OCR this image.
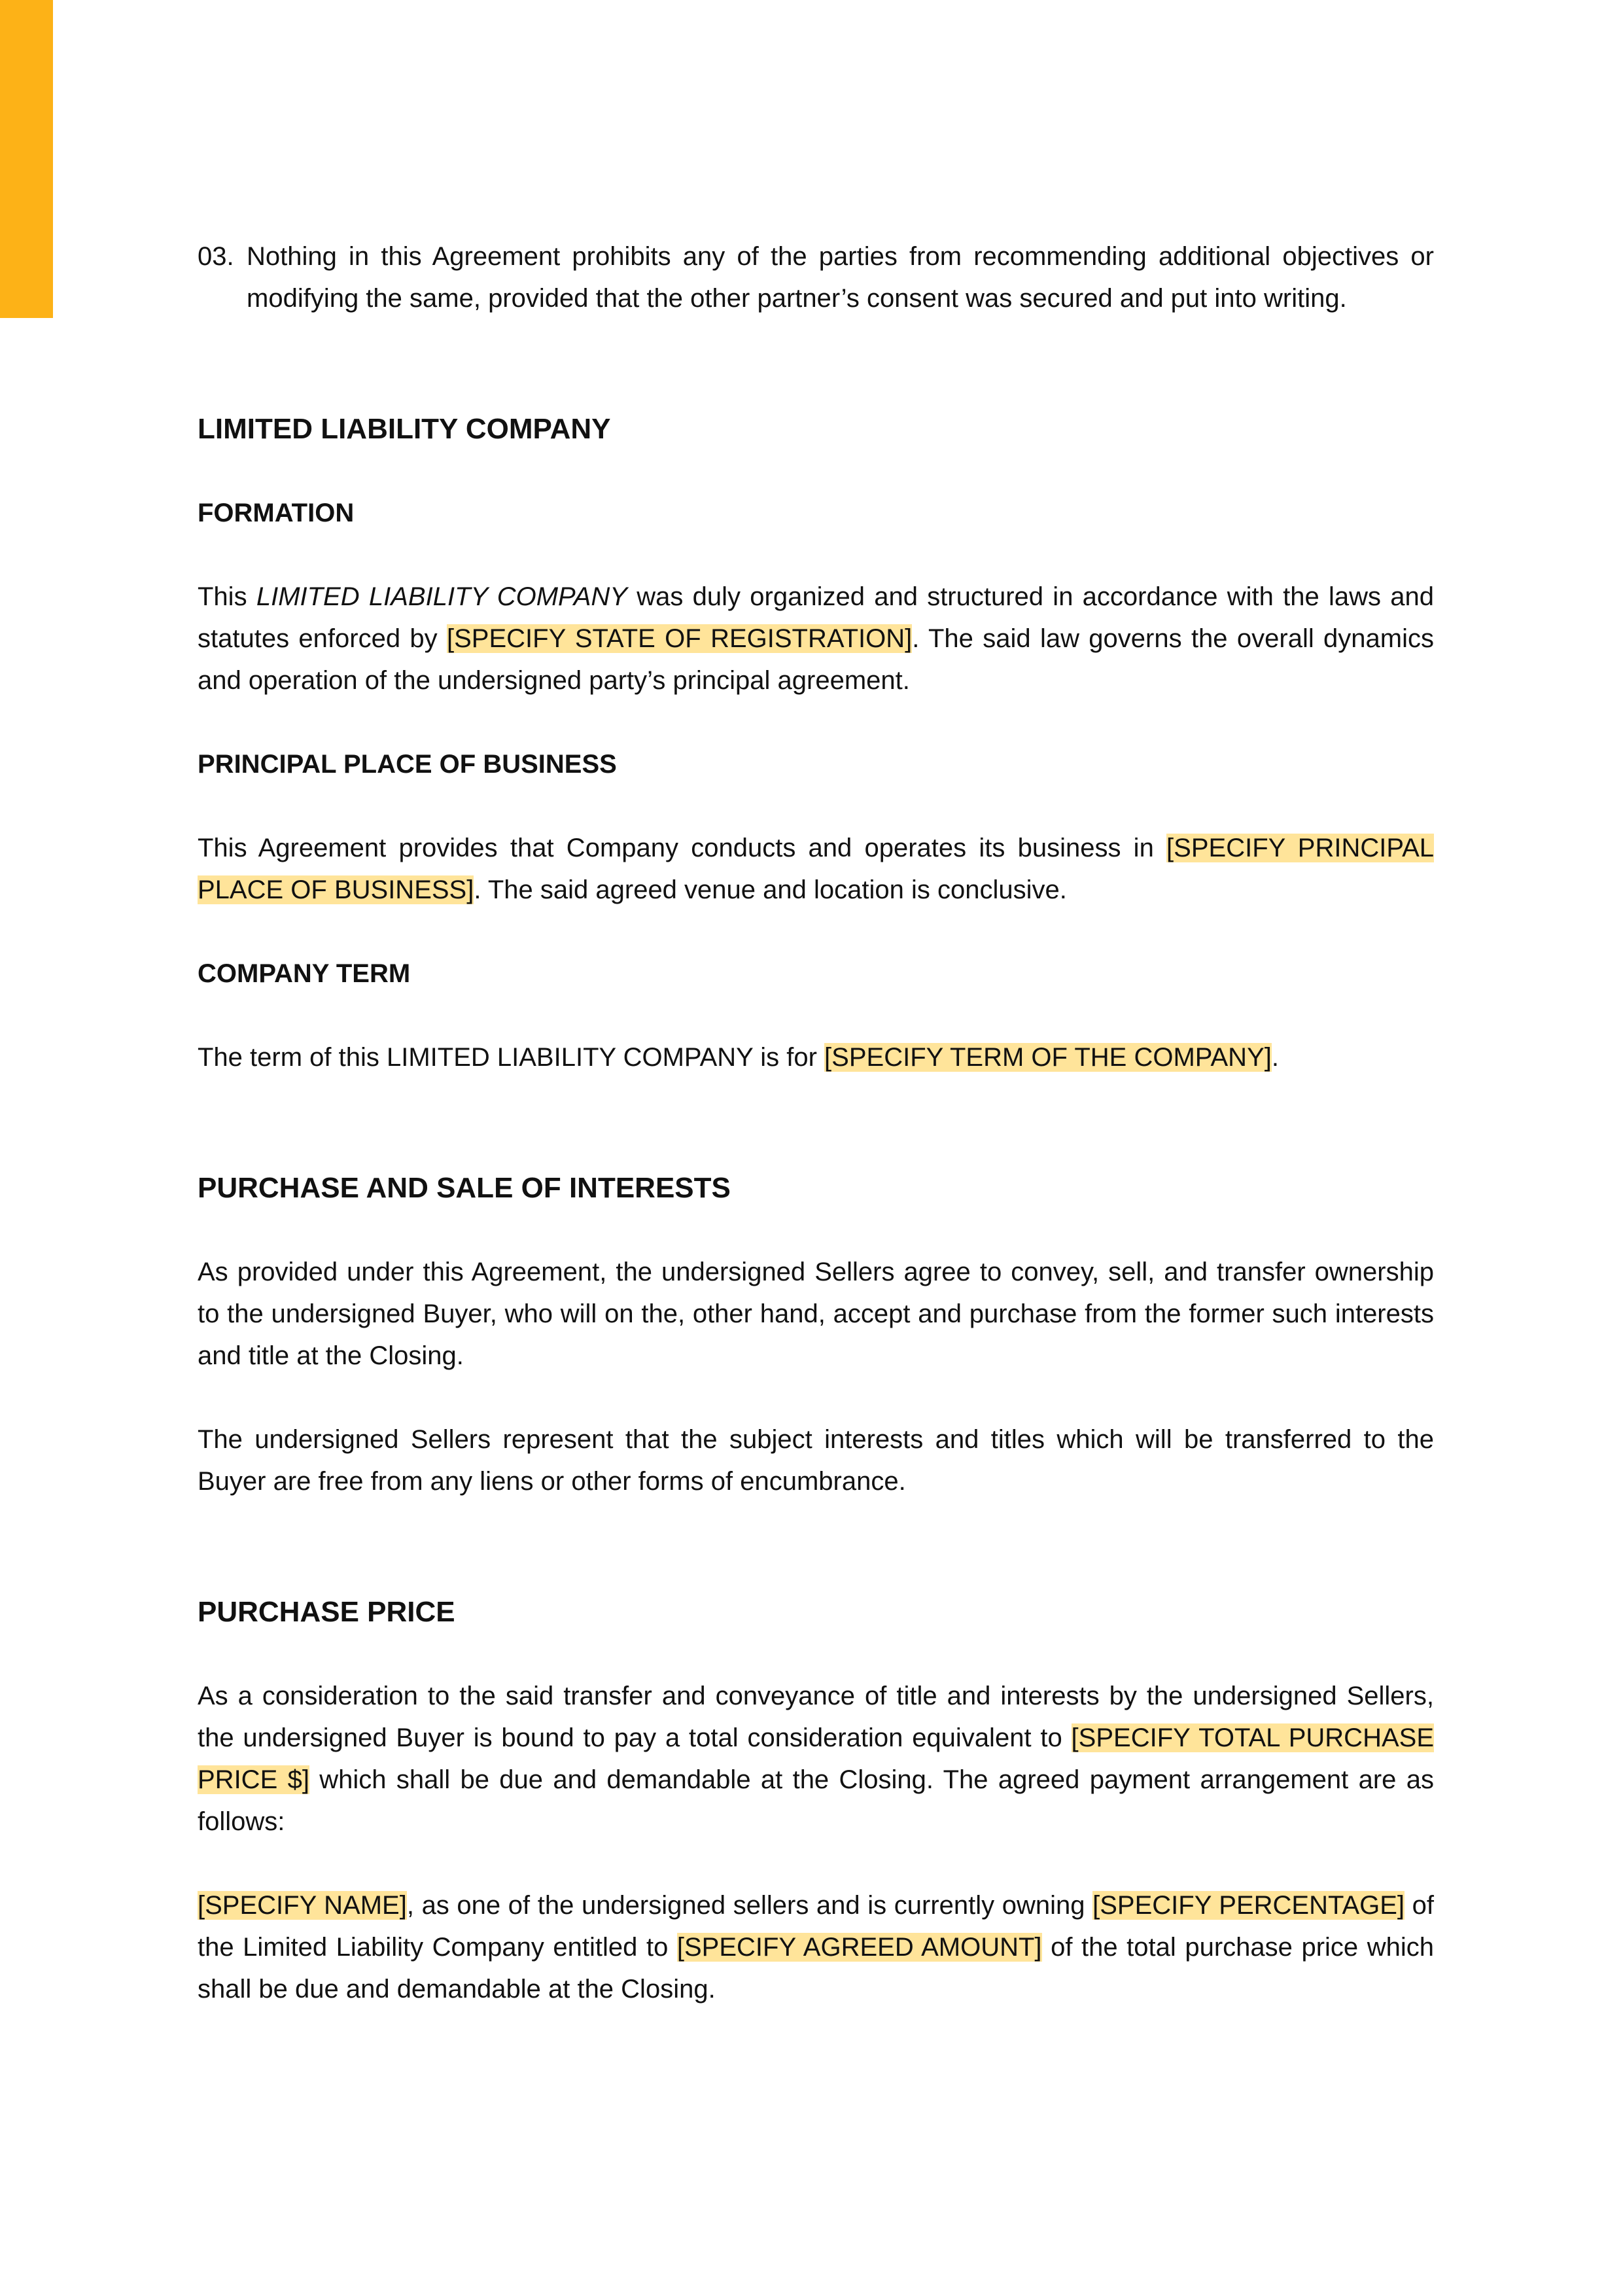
03. Nothing in this Agreement prohibits any of the parties from recommending additional objectives or modifying the same, provided that the other partner’s consent was secured and put into writing.
LIMITED LIABILITY COMPANY
FORMATION

This LIMITED LIABILITY COMPANY was duly organized and structured in accordance with the laws and statutes enforced by [SPECIFY STATE OF REGISTRATION]. The said law governs the overall dynamics and operation of the undersigned party’s principal agreement.

PRINCIPAL PLACE OF BUSINESS

This Agreement provides that Company conducts and operates its business in [SPECIFY PRINCIPAL PLACE OF BUSINESS]. The said agreed venue and location is conclusive.

COMPANY TERM

The term of this LIMITED LIABILITY COMPANY is for [SPECIFY TERM OF THE COMPANY].

PURCHASE AND SALE OF INTERESTS

As provided under this Agreement, the undersigned Sellers agree to convey, sell, and transfer ownership to the undersigned Buyer, who will on the, other hand, accept and purchase from the former such interests and title at the Closing.

The undersigned Sellers represent that the subject interests and titles which will be transferred to the Buyer are free from any liens or other forms of encumbrance.

PURCHASE PRICE

As a consideration to the said transfer and conveyance of title and interests by the undersigned Sellers, the undersigned Buyer is bound to pay a total consideration equivalent to [SPECIFY TOTAL PURCHASE PRICE $] which shall be due and demandable at the Closing. The agreed payment arrangement are as follows:

[SPECIFY NAME], as one of the undersigned sellers and is currently owning [SPECIFY PERCENTAGE] of the Limited Liability Company entitled to [SPECIFY AGREED AMOUNT] of the total purchase price which shall be due and demandable at the Closing.
